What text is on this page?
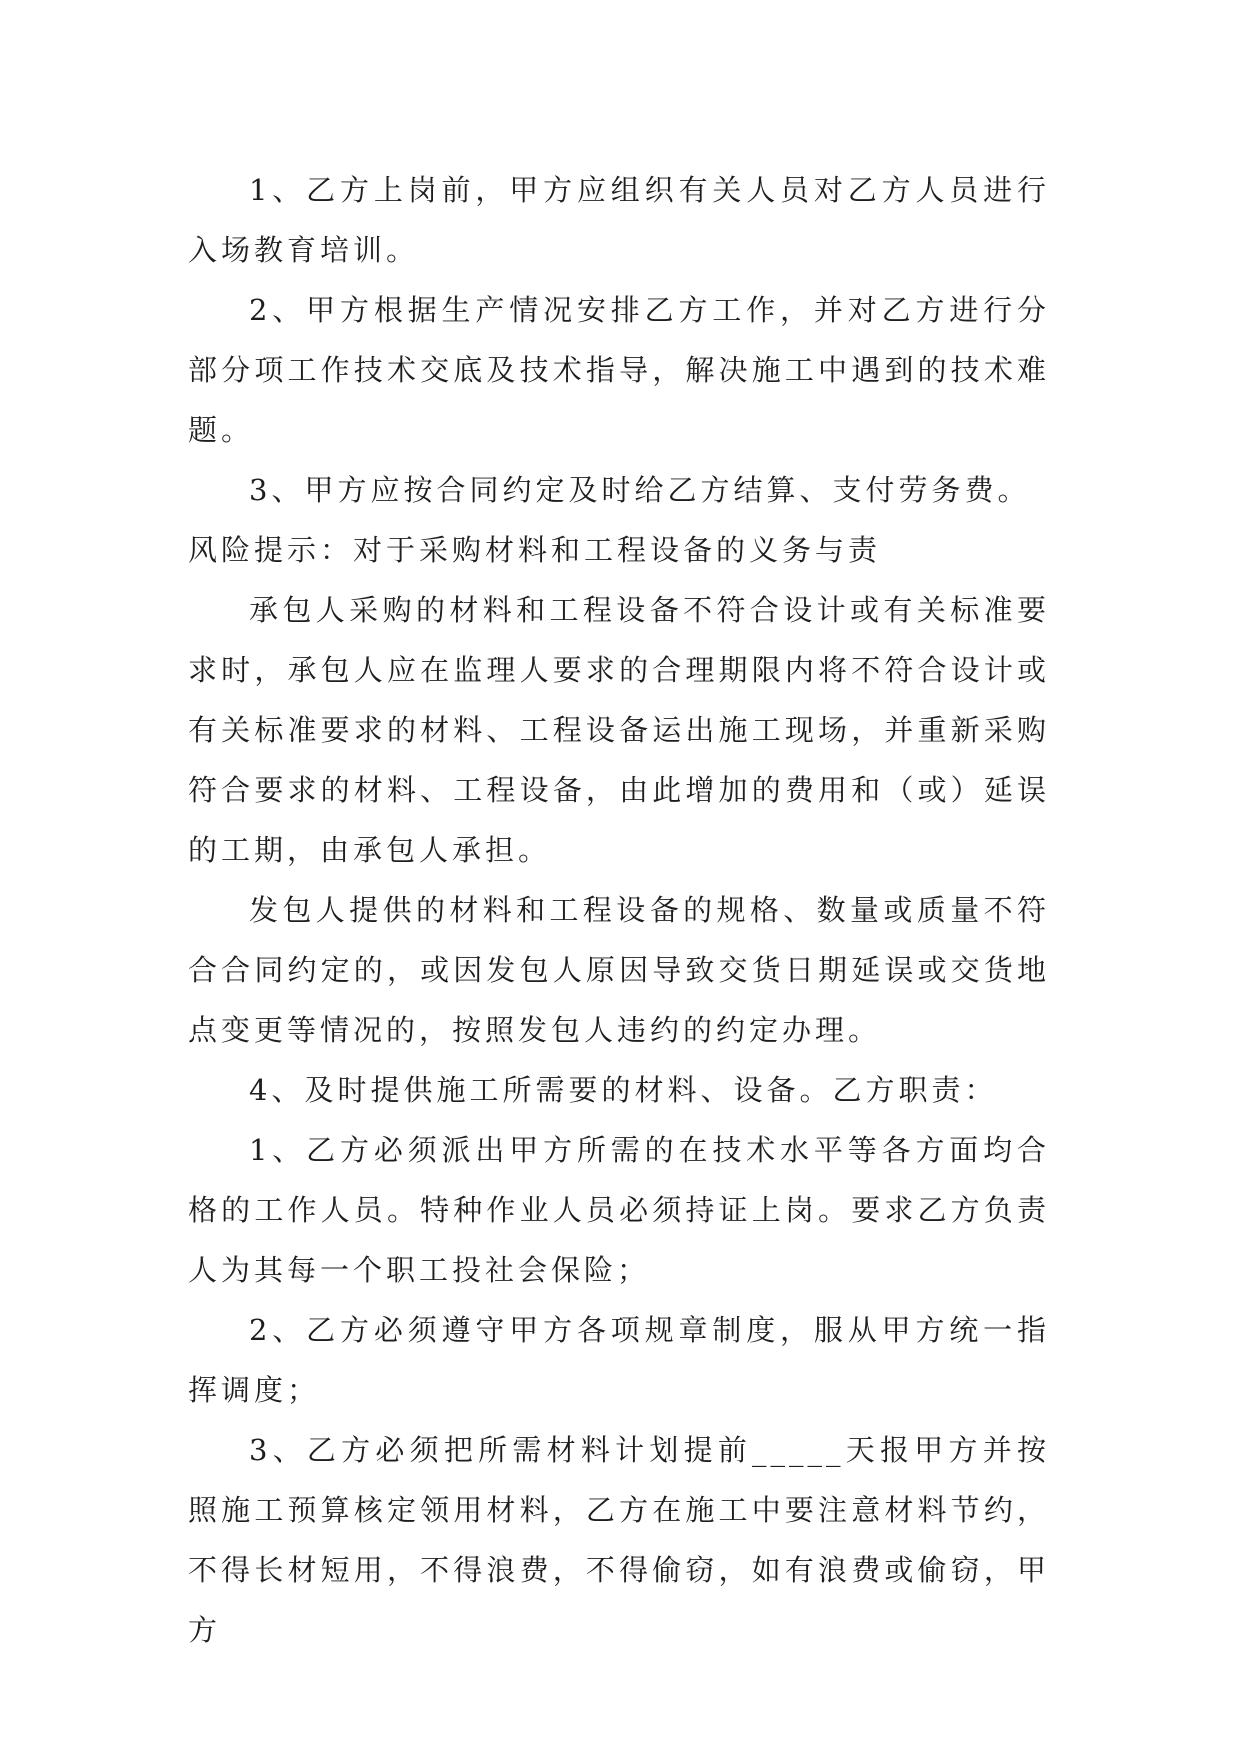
1、乙方上岗前，甲方应组织有关人员对乙方人员进行入场教育培训。

2、甲方根据生产情况安排乙方工作，并对乙方进行分部分项工作技术交底及技术指导，解决施工中遇到的技术难题。

3、甲方应按合同约定及时给乙方结算、支付劳务费。
风险提示：对于采购材料和工程设备的义务与责

承包人采购的材料和工程设备不符合设计或有关标准要求时，承包人应在监理人要求的合理期限内将不符合设计或有关标准要求的材料、工程设备运出施工现场，并重新采购符合要求的材料、工程设备，由此增加的费用和（或）延误的工期，由承包人承担。

发包人提供的材料和工程设备的规格、数量或质量不符合合同约定的，或因发包人原因导致交货日期延误或交货地点变更等情况的，按照发包人违约的约定办理。

4、及时提供施工所需要的材料、设备。乙方职责：

1、乙方必须派出甲方所需的在技术水平等各方面均合格的工作人员。特种作业人员必须持证上岗。要求乙方负责人为其每一个职工投社会保险；

2、乙方必须遵守甲方各项规章制度，服从甲方统一指挥调度；

3、乙方必须把所需材料计划提前_____天报甲方并按照施工预算核定领用材料，乙方在施工中要注意材料节约，不得长材短用，不得浪费，不得偷窃，如有浪费或偷窃，甲方
